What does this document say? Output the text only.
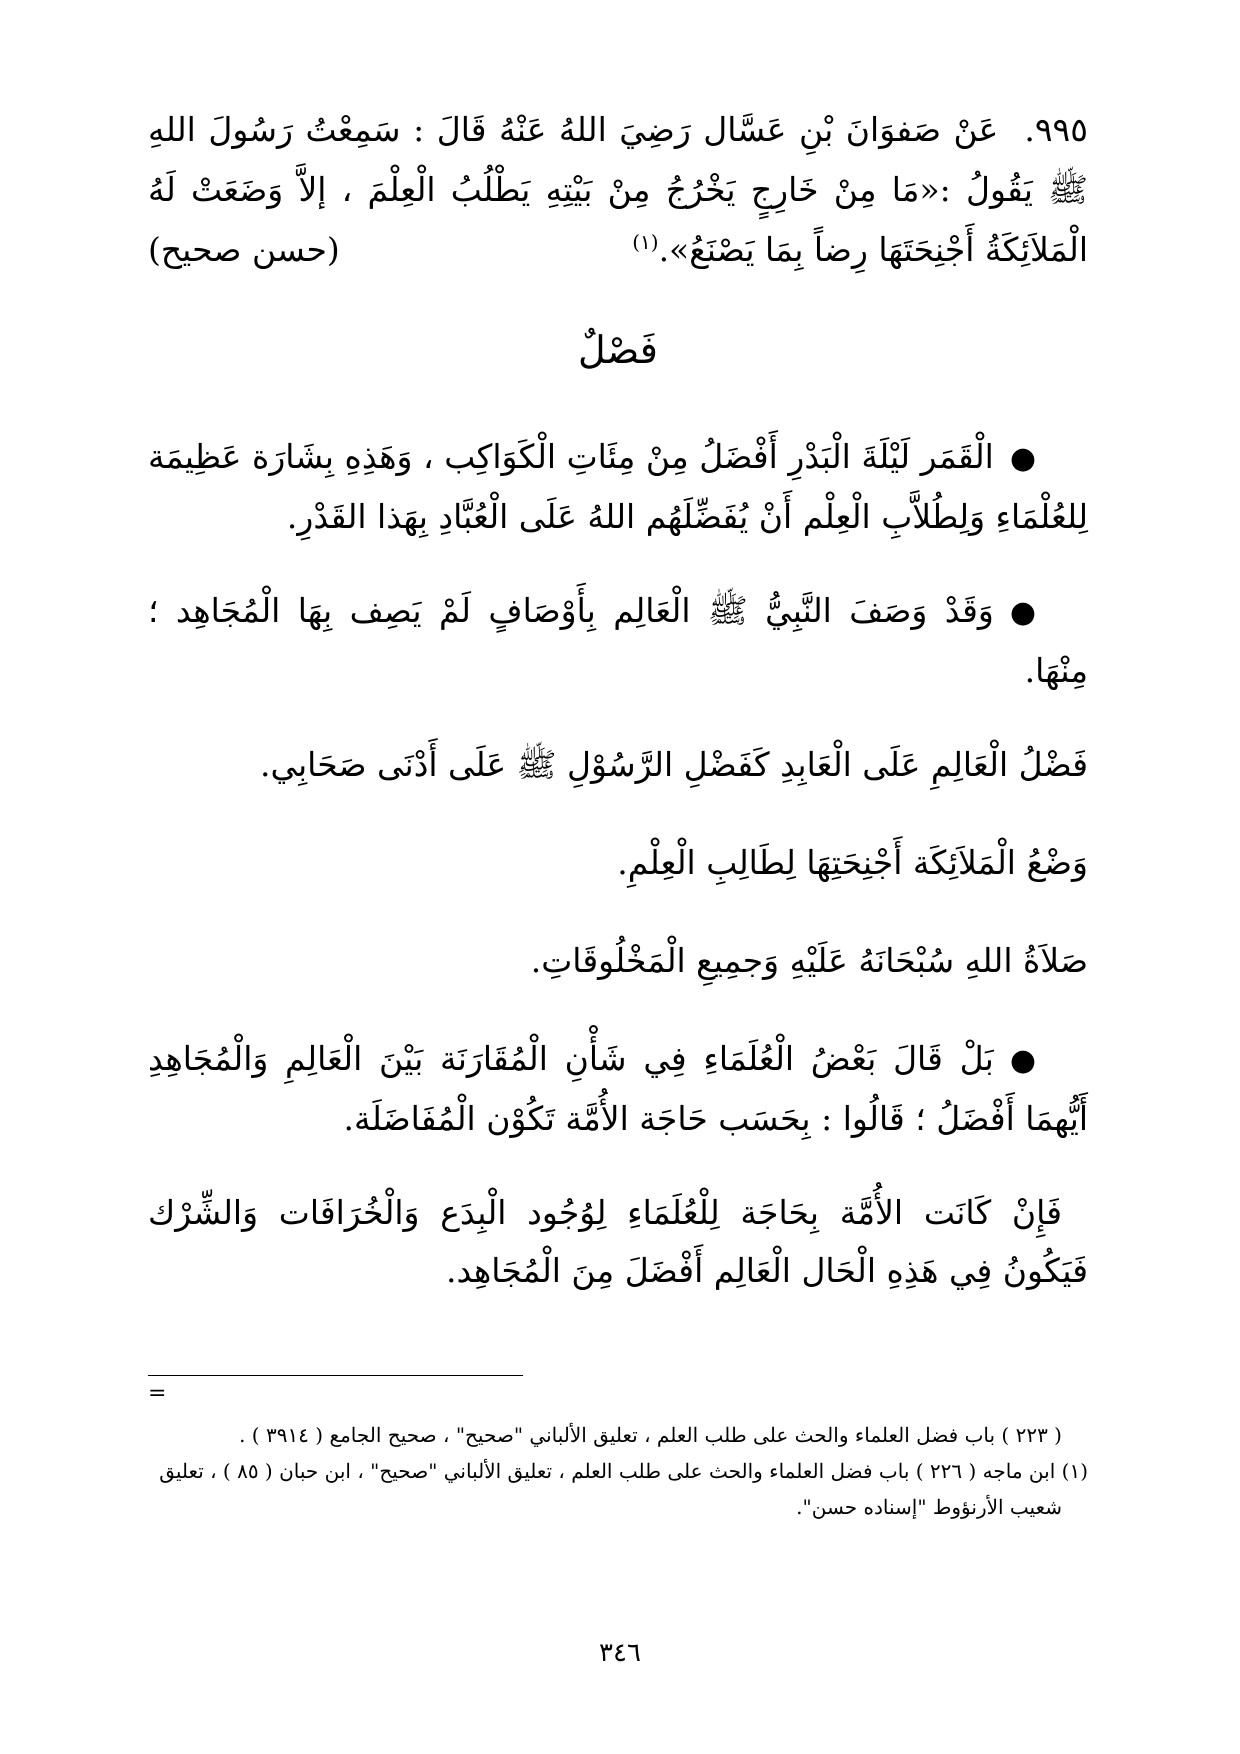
٩٩٥.عَنْ صَفوَانَ بْنِ عَسَّال رَضِيَ اللهُ عَنْهُ قَالَ : سَمِعْتُ رَسُولَ اللهِ ﷺ يَقُولُ :«مَا مِنْ خَارِجٍ يَخْرُجُ مِنْ بَيْتِهِ يَطْلُبُ الْعِلْمَ ، إلاَّ وَضَعَتْ لَهُ الْمَلاَئِكَةُ أَجْنِحَتَهَا رِضاً بِمَا يَصْنَعُ».$^{(١)}$
(حسن صحيح)

فَصْلٌ

●الْقَمَر لَيْلَةَ الْبَدْرِ أَفْضَلُ مِنْ مِئَاتِ الْكَوَاكِب ، وَهَذِهِ بِشَارَة عَظِيمَة لِلعُلْمَاءِ وَلِطُلاَّبِ الْعِلْم أَنْ يُفَضِّلَهُم اللهُ عَلَى الْعُبَّادِ بِهَذا القَدْرِ.

●وَقَدْ وَصَفَ النَّبِيُّ ﷺ الْعَالِم بِأَوْصَافٍ لَمْ يَصِف بِهَا الْمُجَاهِد ؛ مِنْهَا.

فَضْلُ الْعَالِمِ عَلَى الْعَابِدِ كَفَضْلِ الرَّسُوْلِ ﷺ عَلَى أَدْنَى صَحَابِي.

وَضْعُ الْمَلاَئِكَة أَجْنِحَتِهَا لِطَالِبِ الْعِلْمِ.

صَلاَةُ اللهِ سُبْحَانَهُ عَلَيْهِ وَجمِيعِ الْمَخْلُوقَاتِ.

●بَلْ قَالَ بَعْضُ الْعُلَمَاءِ فِي شَأْنِ الْمُقَارَنَة بَيْنَ الْعَالِمِ وَالْمُجَاهِدِ أَيُّهمَا أَفْضَلُ ؛ قَالُوا : بِحَسَب حَاجَة الأُمَّة تَكُوْن الْمُفَاضَلَة.

فَإِنْ كَانَت الأُمَّة بِحَاجَة لِلْعُلَمَاءِ لِوُجُود الْبِدَع وَالْخُرَافَات وَالشِّرْك فَيَكُونُ فِي هَذِهِ الْحَال الْعَالِم أَفْضَلَ مِنَ الْمُجَاهِد.

=

( ٢٢٣ ) باب فضل العلماء والحث على طلب العلم ، تعليق الألباني "صحيح" ، صحيح الجامع ( ٣٩١٤ ) .

(١) ابن ماجه ( ٢٢٦ ) باب فضل العلماء والحث على طلب العلم ، تعليق الألباني "صحيح" ، ابن حبان ( ٨٥ ) ، تعليق

شعيب الأرنؤوط "إسناده حسن".

٣٤٦
